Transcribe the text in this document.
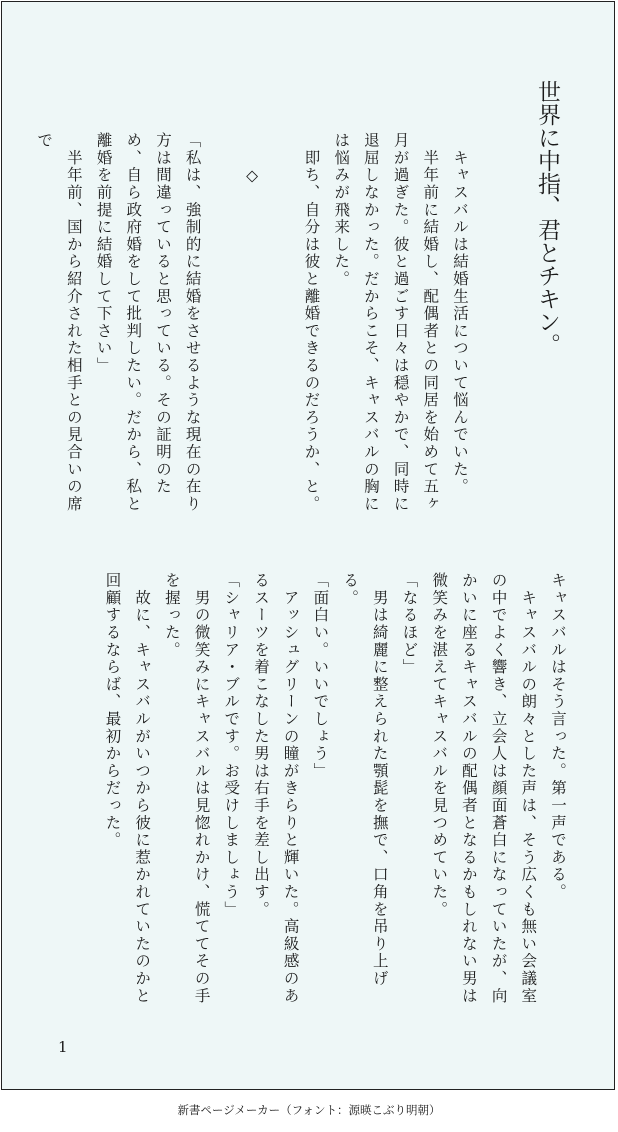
世界に中指、君とチキン。

　キャスバルは結婚生活について悩んでいた。

　半年前に結婚し、配偶者との同居を始めて五ヶ月が過ぎた。彼と過ごす日々は穏やかで、同時に退屈しなかった。だからこそ、キャスバルの胸には悩みが飛来した。

　即ち、自分は彼と離婚できるのだろうか、と。

　　◇

「私は、強制的に結婚をさせるような現在の在り方は間違っていると思っている。その証明のため、自ら政府婚をして批判したい。だから、私と離婚を前提に結婚して下さい」

　半年前、国から紹介された相手との見合いの席で

キャスバルはそう言った。第一声である。

　キャスバルの朗々とした声は、そう広くも無い会議室の中でよく響き、立会人は顔面蒼白になっていたが、向かいに座るキャスバルの配偶者となるかもしれない男は微笑みを湛えてキャスバルを見つめていた。

「なるほど」

　男は綺麗に整えられた顎髭を撫で、口角を吊り上げる。

「面白い。いいでしょう」

　アッシュグリーンの瞳がきらりと輝いた。高級感のあるスーツを着こなした男は右手を差し出す。

「シャリア・ブルです。お受けしましょう」

　男の微笑みにキャスバルは見惚れかけ、慌ててその手を握った。

　故に、キャスバルがいつから彼に惹かれていたのかと回顧するならば、最初からだった。

1
新書ページメーカー（フォント：源暎こぶり明朝）
